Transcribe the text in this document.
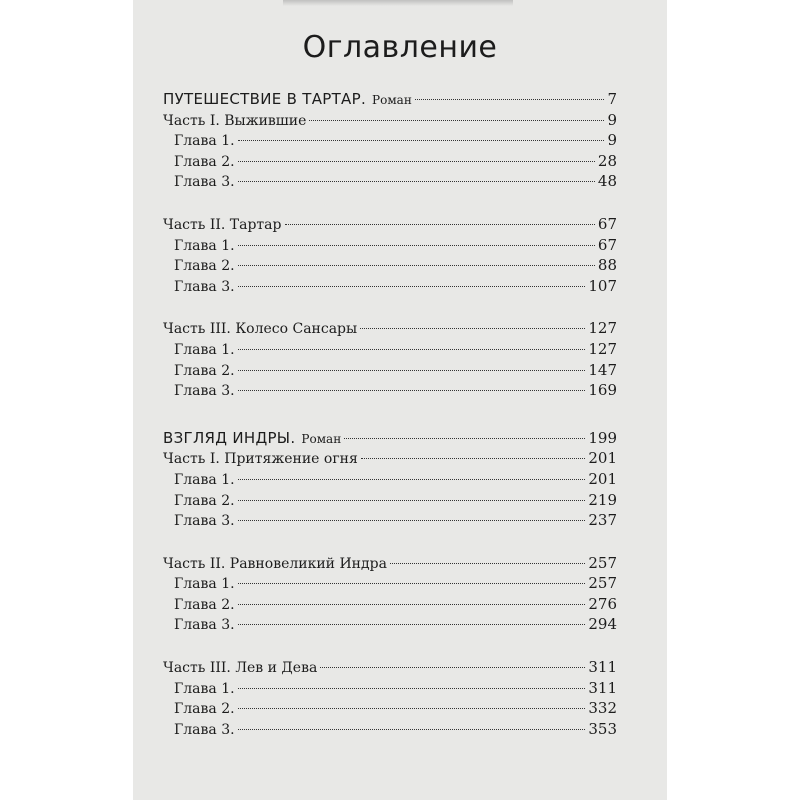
Оглавление
ПУТЕШЕСТВИЕ В ТАРТАР. Роман	7
Часть I. Выжившие	9
Глава 1.	9
Глава 2.	28
Глава 3.	48
Часть II. Тартар	67
Глава 1.	67
Глава 2.	88
Глава 3.	107
Часть III. Колесо Сансары	127
Глава 1.	127
Глава 2.	147
Глава 3.	169
ВЗГЛЯД ИНДРЫ. Роман	199
Часть I. Притяжение огня	201
Глава 1.	201
Глава 2.	219
Глава 3.	237
Часть II. Равновеликий Индра	257
Глава 1.	257
Глава 2.	276
Глава 3.	294
Часть III. Лев и Дева	311
Глава 1.	311
Глава 2.	332
Глава 3.	353
